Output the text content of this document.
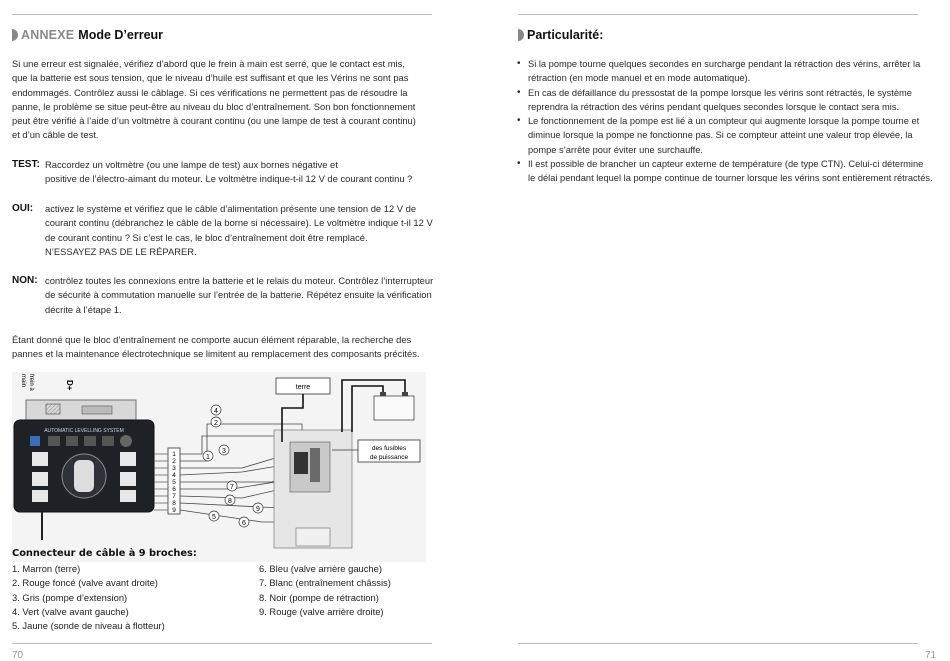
ANNEXE Mode D’erreur
Si une erreur est signalée, vérifiez d’abord que le frein à main est serré, que le contact est mis,
que la batterie est sous tension, que le niveau d’huile est suffisant et que les Vérins ne sont pas
endommagés. Contrôlez aussi le câblage. Si ces vérifications ne permettent pas de résoudre la
panne, le problème se situe peut-être au niveau du bloc d’entraînement. Son bon fonctionnement
peut être vérifié à l’aide d’un voltmètre à courant continu (ou une lampe de test à courant continu)
et d’un câble de test.
TEST: Raccordez un voltmètre (ou une lampe de test) aux bornes négative et
positive de l’électro-aimant du moteur. Le voltmètre indique-t-il 12 V de courant continu ?
OUI: activez le système et vérifiez que le câble d’alimentation présente une tension de 12 V de
courant continu (débranchez le câble de la borne si nécessaire). Le voltmètre indique t-il 12 V
de courant continu ? Si c’est le cas, le bloc d’entraînement doit être remplacé.
N’ESSAYEZ PAS DE LE RÉPARER.
NON: contrôlez toutes les connexions entre la batterie et le relais du moteur. Contrôlez l’interrupteur
de sécurité à commutation manuelle sur l’entrée de la batterie. Répétez ensuite la vérification
décrite à l’étape 1.
Étant donné que le bloc d’entraînement ne comporte aucun élément réparable, la recherche des
pannes et la maintenance électrotechnique se limitent au remplacement des composants précités.
frein à
main	D+
AUTOMATIC LEVELLING SYSTEM
1
2
3
4
5
6
7
8
9
4
2
3
1
7
8
9
5
6
terre
des fusibles
de puissance
Connecteur de câble à 9 broches:
1. Marron (terre)
2. Rouge foncé (valve avant droite)
3. Gris (pompe d’extension)
4. Vert (valve avant gauche)
5. Jaune (sonde de niveau à flotteur)
6. Bleu (valve arrière gauche)
7. Blanc (entraînement châssis)
8. Noir (pompe de rétraction)
9. Rouge (valve arrière droite)
70
Particularité:
• Si la pompe tourne quelques secondes en surcharge pendant la rétraction des vérins, arrêter la
rétraction (en mode manuel et en mode automatique).
• En cas de défaillance du pressostat de la pompe lorsque les vérins sont rétractés, le système
reprendra la rétraction des vérins pendant quelques secondes lorsque le contact sera mis.
• Le fonctionnement de la pompe est lié à un compteur qui augmente lorsque la pompe tourne et
diminue lorsque la pompe ne fonctionne pas. Si ce compteur atteint une valeur trop élevée, la
pompe s’arrête pour éviter une surchauffe.
• Il est possible de brancher un capteur externe de température (de type CTN). Celui-ci détermine
le délai pendant lequel la pompe continue de tourner lorsque les vérins sont entièrement rétractés.
71
